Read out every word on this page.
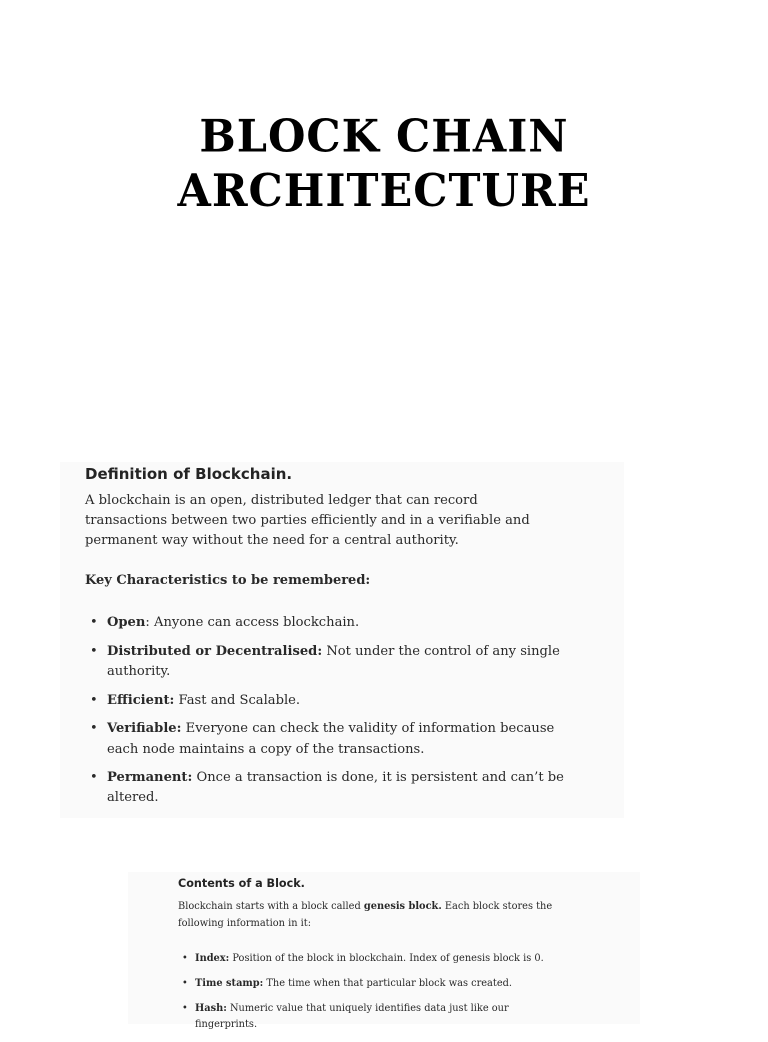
BLOCK CHAIN
ARCHITECTURE
Definition of Blockchain.
A blockchain is an open, distributed ledger that can record transactions between two parties efficiently and in a verifiable and permanent way without the need for a central authority.
Key Characteristics to be remembered:
• Open: Anyone can access blockchain.
• Distributed or Decentralised: Not under the control of any single authority.
• Efficient: Fast and Scalable.
• Verifiable: Everyone can check the validity of information because each node maintains a copy of the transactions.
• Permanent: Once a transaction is done, it is persistent and can’t be altered.
Contents of a Block.
Blockchain starts with a block called genesis block. Each block stores the following information in it:
• Index: Position of the block in blockchain. Index of genesis block is 0.
• Time stamp: The time when that particular block was created.
• Hash: Numeric value that uniquely identifies data just like our fingerprints.
